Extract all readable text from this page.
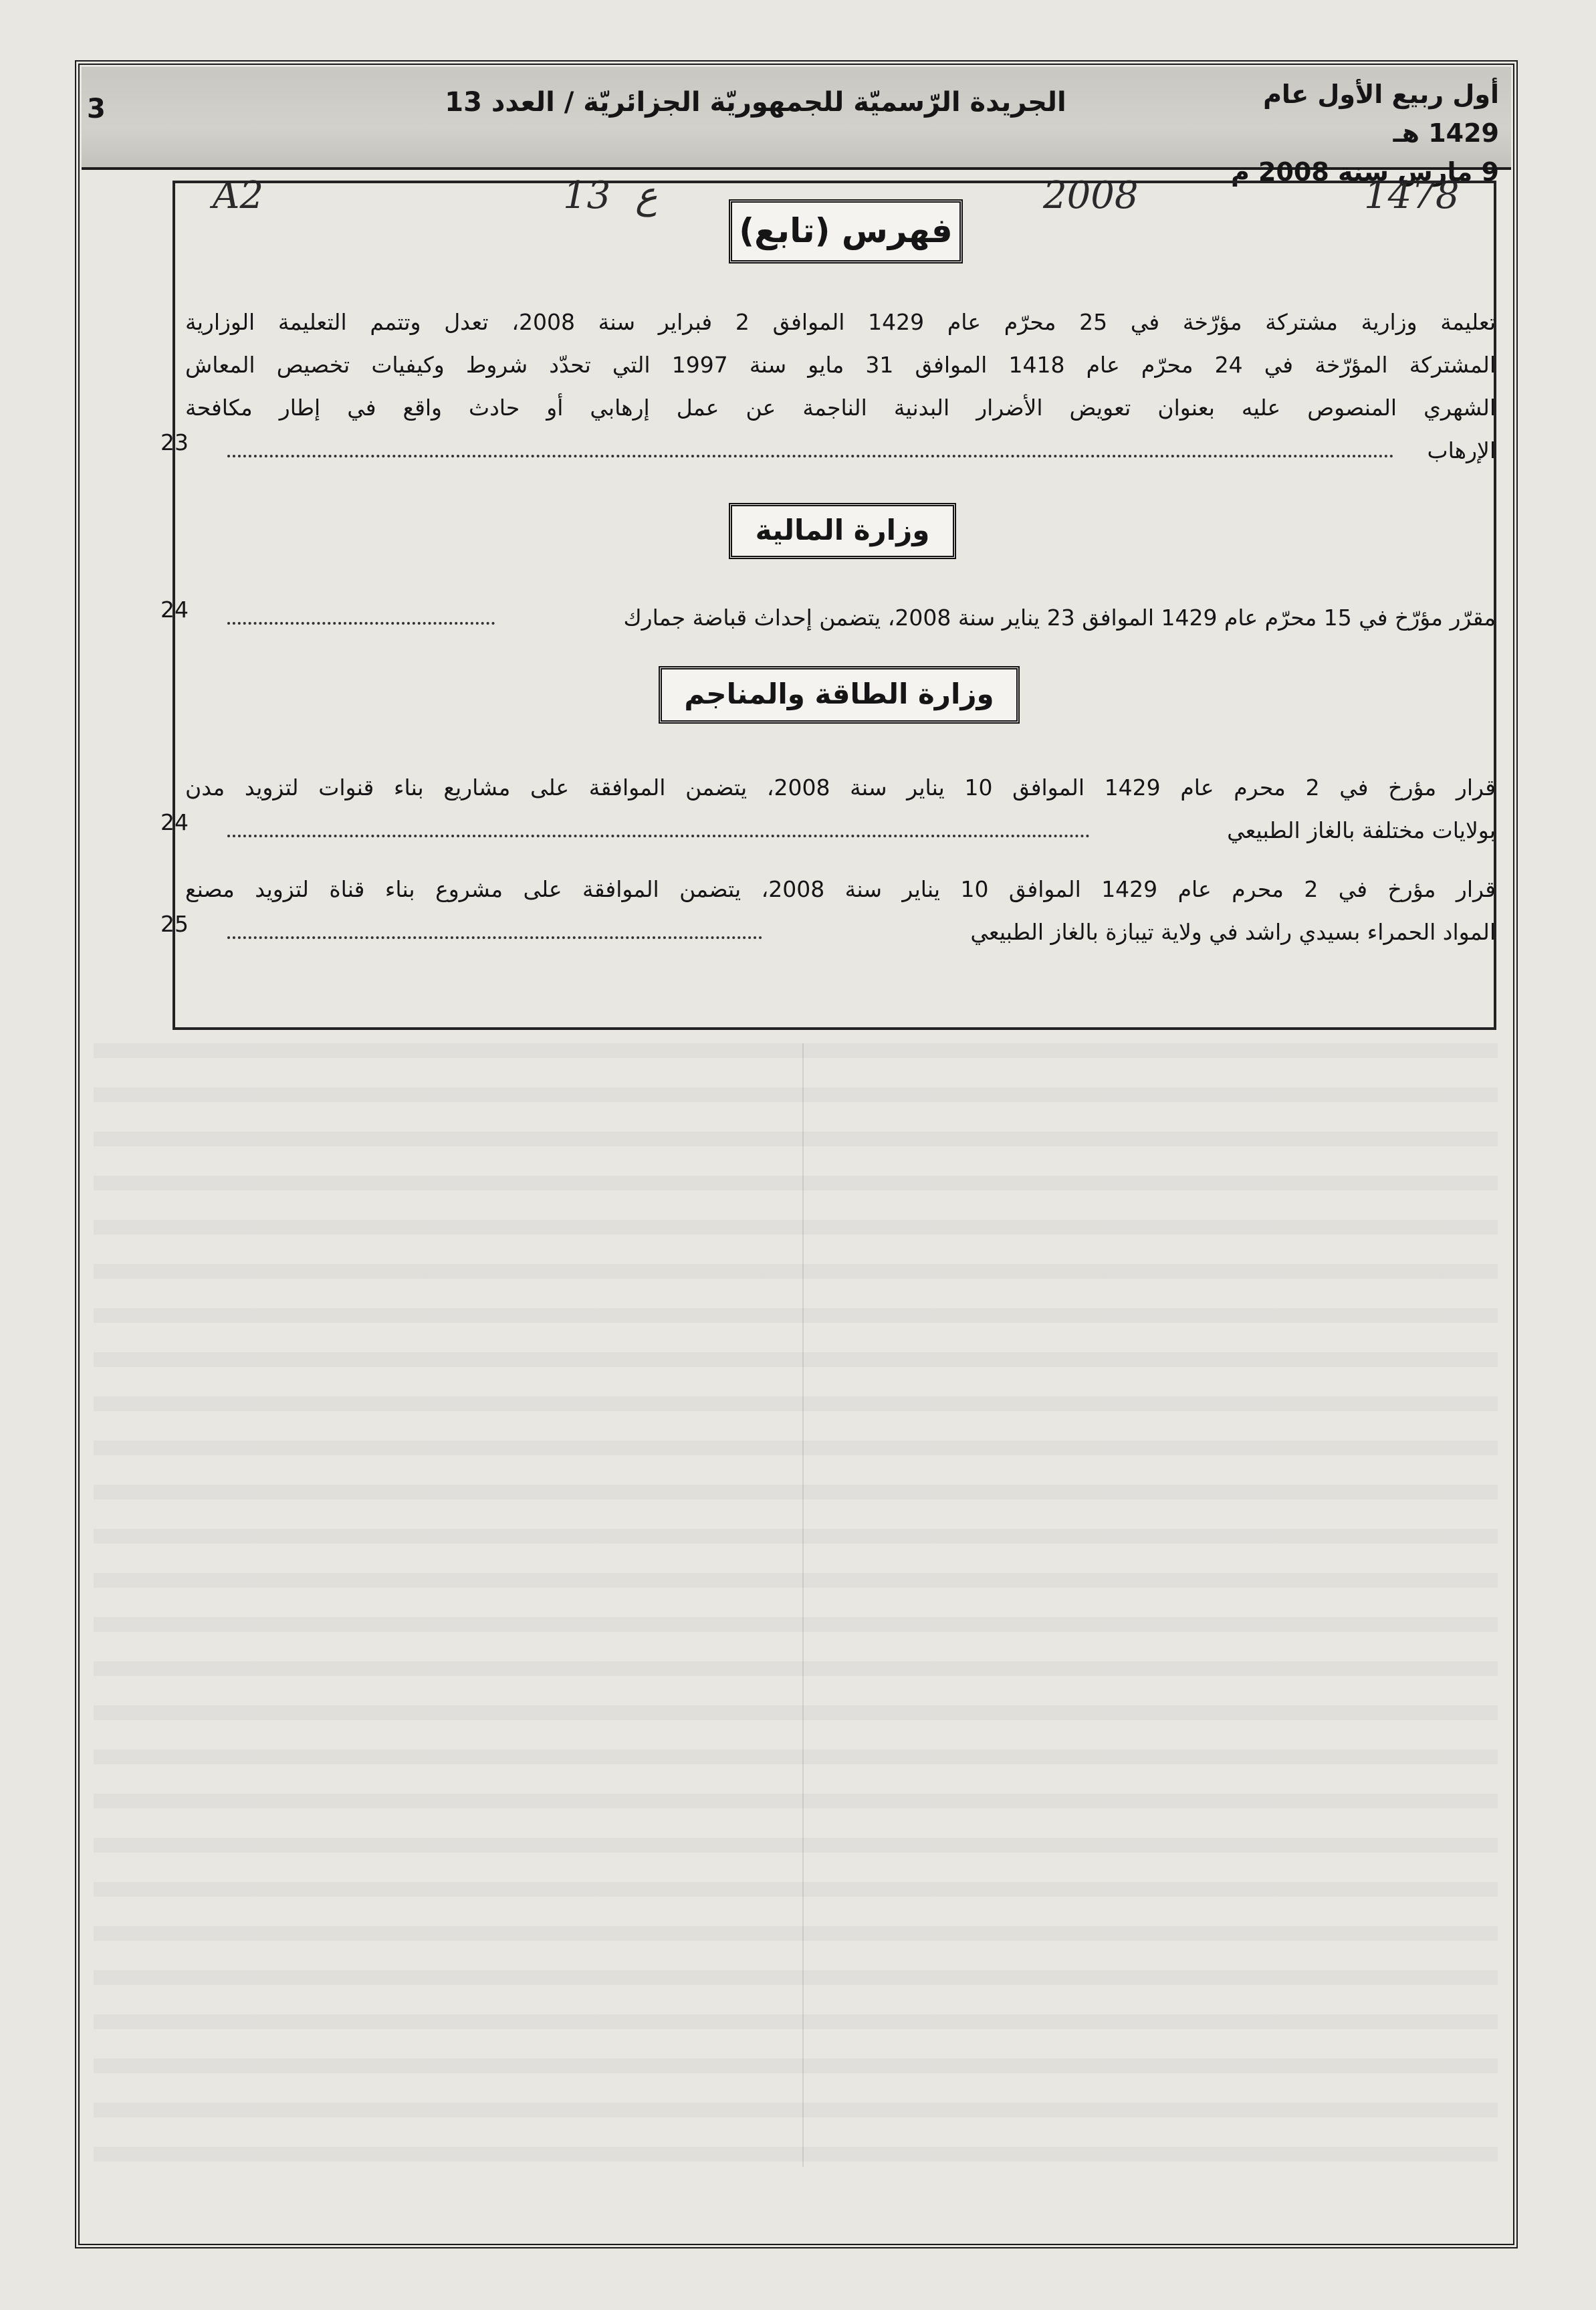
3	الجريدة الرّسميّة للجمهوريّة الجزائريّة / العدد 13	أول ربيع الأول عام 1429 هـ
9 مارس سنة 2008 م
A2	13 ع	2008	1478
فهرس (تابع)
تعليمة وزارية مشتركة مؤرّخة في 25 محرّم عام 1429 الموافق 2 فبراير سنة 2008، تعدل وتتمم التعليمة الوزارية
المشتركة المؤرّخة في 24 محرّم عام 1418 الموافق 31 مايو سنة 1997 التي تحدّد شروط وكيفيات تخصيص المعاش
الشهري المنصوص عليه بعنوان تعويض الأضرار البدنية الناجمة عن عمل إرهابي أو حادث واقع في إطار مكافحة
الإرهاب
23
وزارة المالية
مقرّر مؤرّخ في 15 محرّم عام 1429 الموافق 23 يناير سنة 2008، يتضمن إحداث قباضة جمارك
24
وزارة الطاقة والمناجم
قرار مؤرخ في 2 محرم عام 1429 الموافق 10 يناير سنة 2008، يتضمن الموافقة على مشاريع بناء قنوات لتزويد مدن
بولايات مختلفة بالغاز الطبيعي
24
قرار مؤرخ في 2 محرم عام 1429 الموافق 10 يناير سنة 2008، يتضمن الموافقة على مشروع بناء قناة لتزويد مصنع
المواد الحمراء بسيدي راشد في ولاية تيبازة بالغاز الطبيعي
25
